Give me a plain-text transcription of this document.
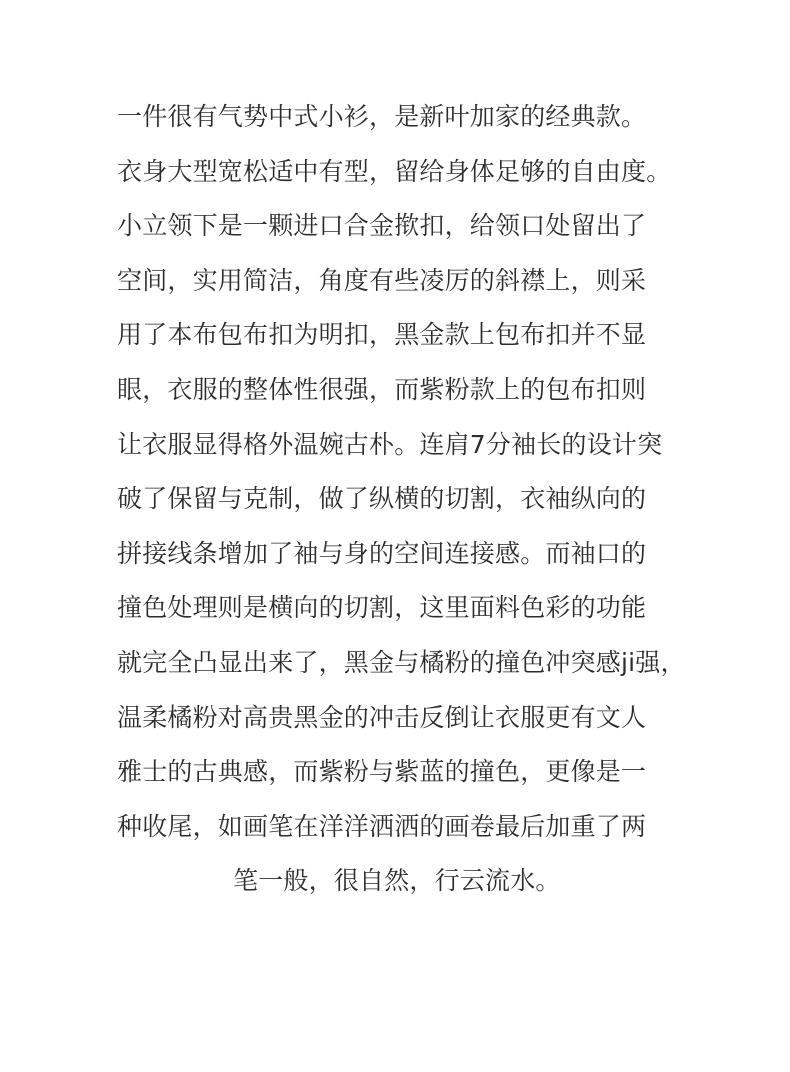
一件很有气势中式小衫，是新叶加家的经典款。
衣身大型宽松适中有型，留给身体足够的自由度。
小立领下是一颗进口合金揿扣，给领口处留出了
空间，实用简洁，角度有些凌厉的斜襟上，则采
用了本布包布扣为明扣，黑金款上包布扣并不显
眼，衣服的整体性很强，而紫粉款上的包布扣则
让衣服显得格外温婉古朴。连肩7分袖长的设计突
破了保留与克制，做了纵横的切割，衣袖纵向的
拼接线条增加了袖与身的空间连接感。而袖口的
撞色处理则是横向的切割，这里面料色彩的功能
就完全凸显出来了，黑金与橘粉的撞色冲突感ji强，
温柔橘粉对高贵黑金的冲击反倒让衣服更有文人
雅士的古典感，而紫粉与紫蓝的撞色，更像是一
种收尾，如画笔在洋洋洒洒的画卷最后加重了两
笔一般，很自然，行云流水。
